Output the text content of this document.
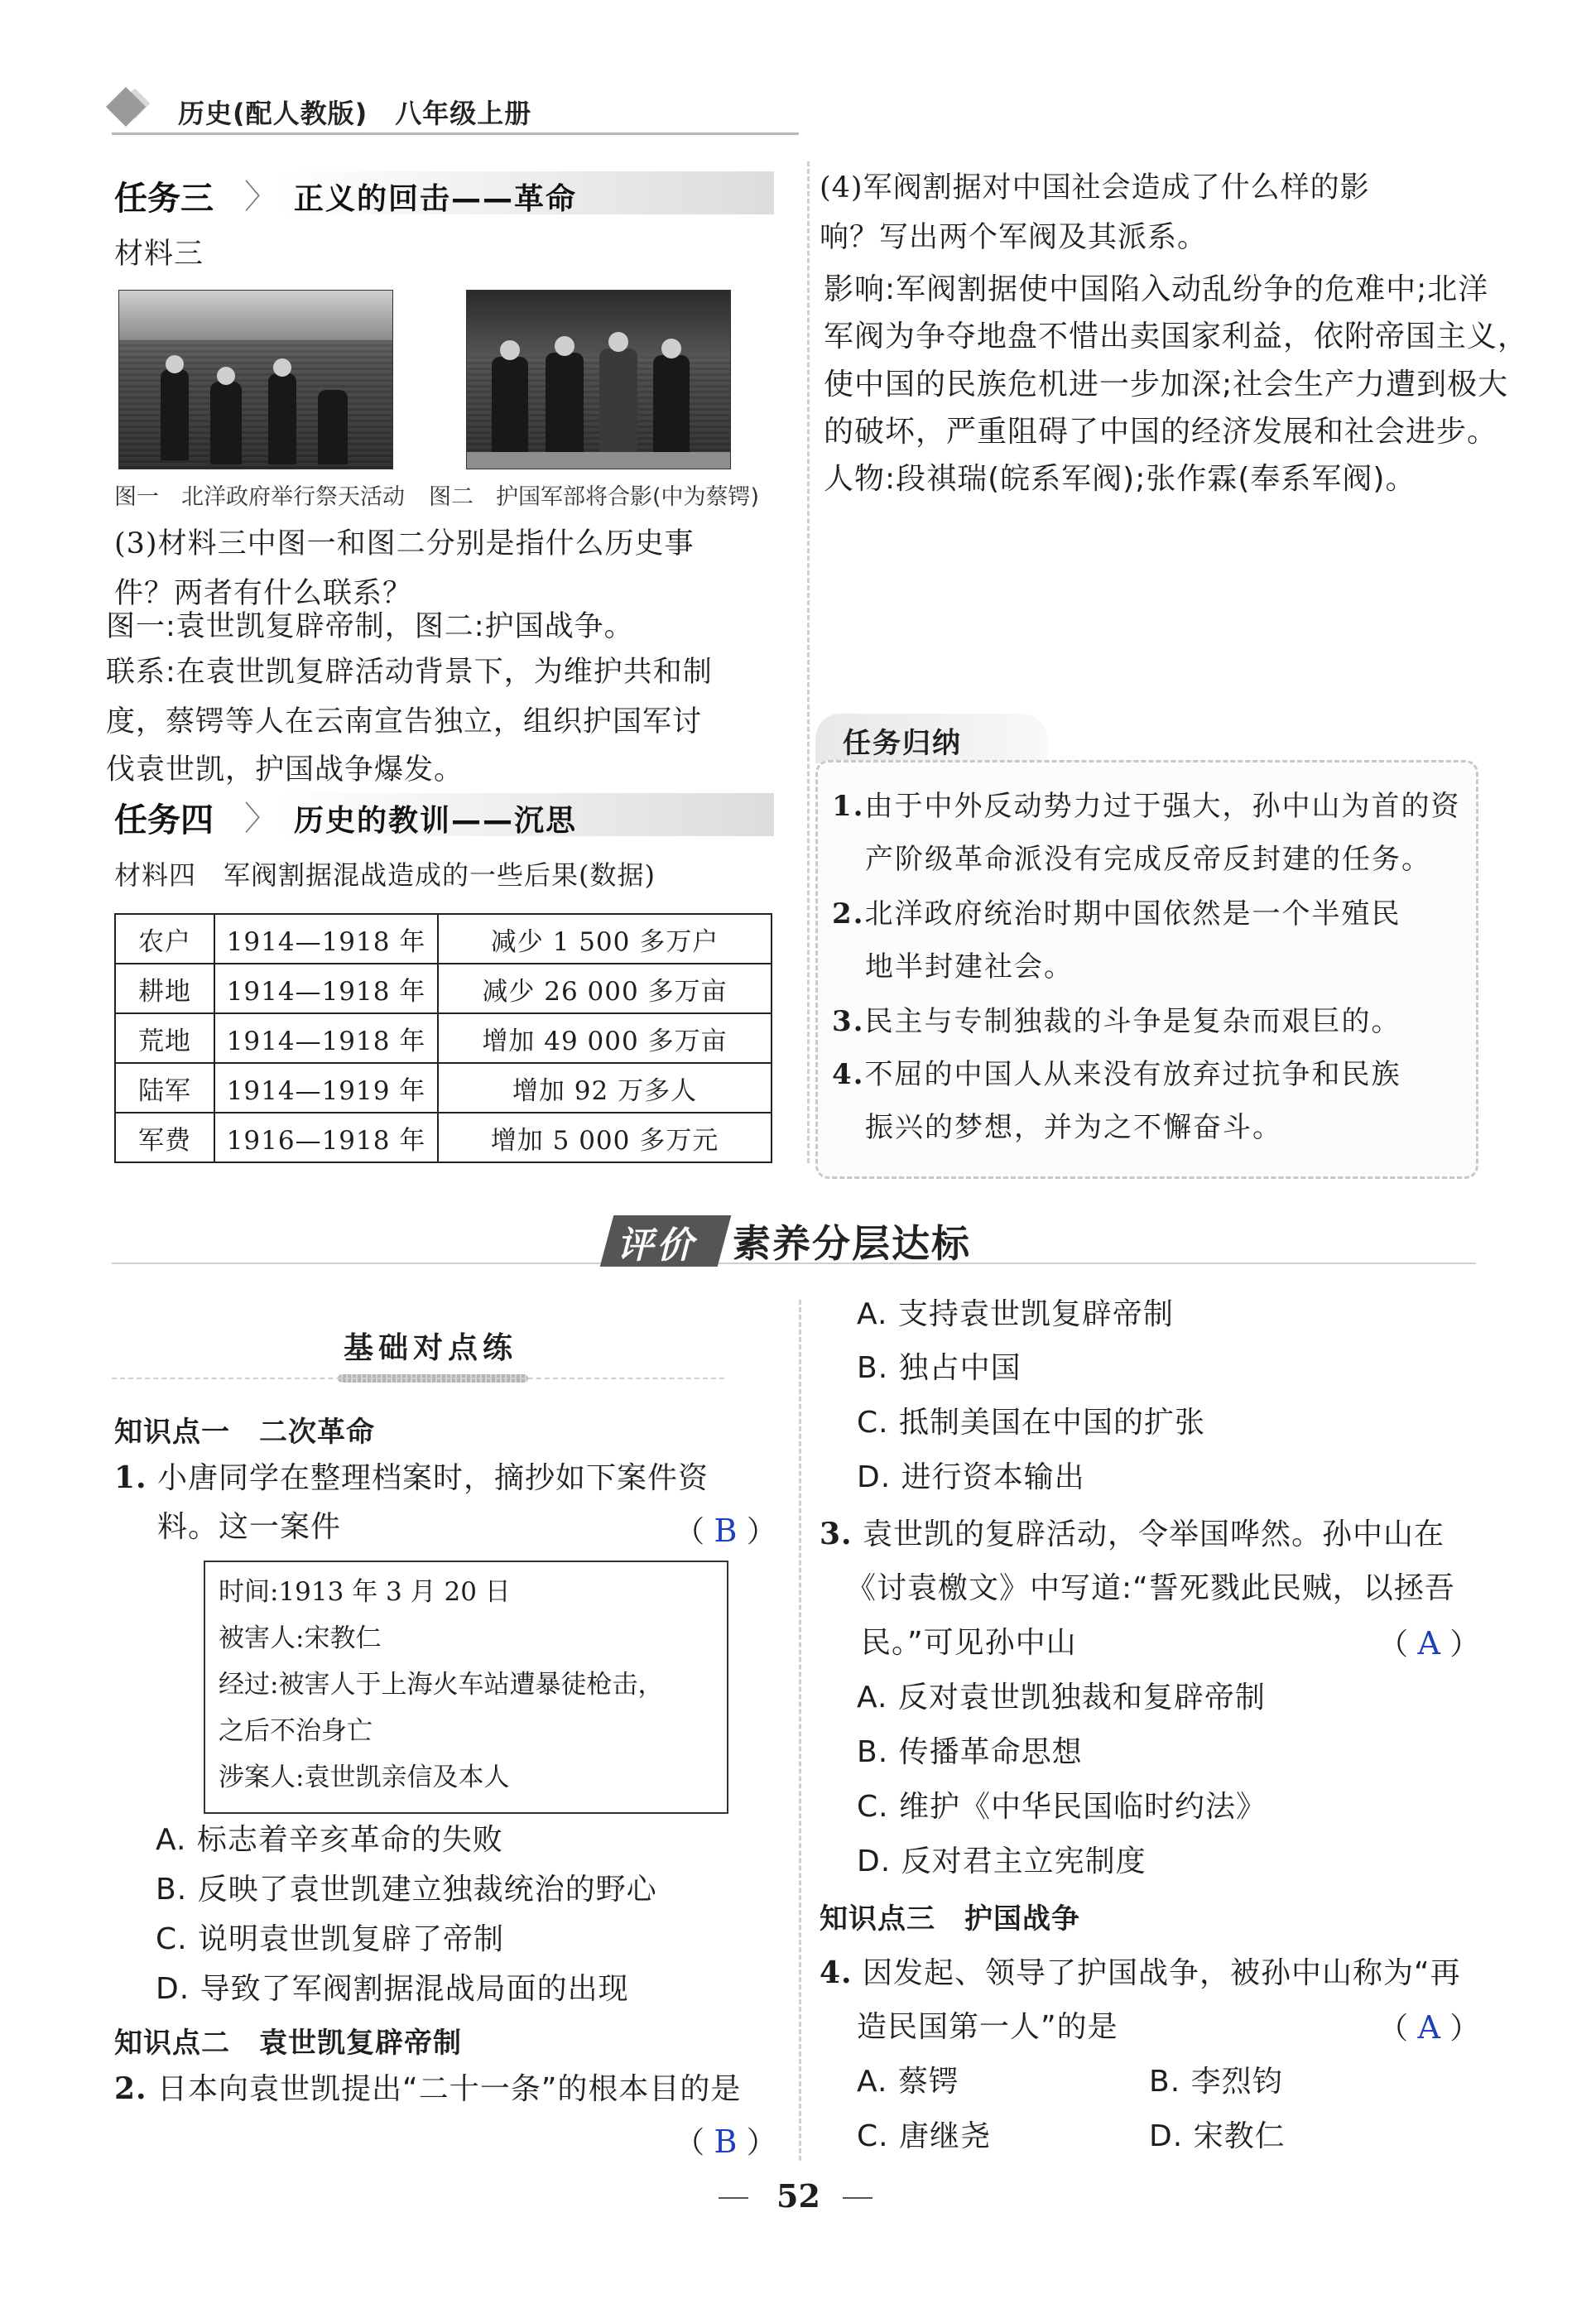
历史(配人教版)　八年级上册
任务三 〉 正义的回击——革命
材料三
图一　北洋政府举行祭天活动 图二　护国军部将合影(中为蔡锷)
(3)材料三中图一和图二分别是指什么历史事
件？两者有什么联系？
图一:袁世凯复辟帝制，图二:护国战争。
联系:在袁世凯复辟活动背景下，为维护共和制
度，蔡锷等人在云南宣告独立，组织护国军讨
伐袁世凯，护国战争爆发。
任务四 〉 历史的教训——沉思
材料四　军阀割据混战造成的一些后果(数据)
农户	1914—1918 年	减少 1 500 多万户
耕地	1914—1918 年	减少 26 000 多万亩
荒地	1914—1918 年	增加 49 000 多万亩
陆军	1914—1919 年	增加 92 万多人
军费	1916—1918 年	增加 5 000 多万元
(4)军阀割据对中国社会造成了什么样的影
响？写出两个军阀及其派系。
影响:军阀割据使中国陷入动乱纷争的危难中;北洋
军阀为争夺地盘不惜出卖国家利益，依附帝国主义，
使中国的民族危机进一步加深;社会生产力遭到极大
的破坏，严重阻碍了中国的经济发展和社会进步。
人物:段祺瑞(皖系军阀);张作霖(奉系军阀)。
任务归纳
1.由于中外反动势力过于强大，孙中山为首的资
产阶级革命派没有完成反帝反封建的任务。
2.北洋政府统治时期中国依然是一个半殖民
地半封建社会。
3.民主与专制独裁的斗争是复杂而艰巨的。
4.不屈的中国人从来没有放弃过抗争和民族
振兴的梦想，并为之不懈奋斗。
评价 素养分层达标
基础对点练
知识点一　二次革命
1. 小唐同学在整理档案时，摘抄如下案件资
料。这一案件	（ B ）
时间:1913 年 3 月 20 日
被害人:宋教仁
经过:被害人于上海火车站遭暴徒枪击，
之后不治身亡
涉案人:袁世凯亲信及本人
A. 标志着辛亥革命的失败
B. 反映了袁世凯建立独裁统治的野心
C. 说明袁世凯复辟了帝制
D. 导致了军阀割据混战局面的出现
知识点二　袁世凯复辟帝制
2. 日本向袁世凯提出“二十一条”的根本目的是
（ B ）
A. 支持袁世凯复辟帝制
B. 独占中国
C. 抵制美国在中国的扩张
D. 进行资本输出
3. 袁世凯的复辟活动，令举国哗然。孙中山在
《讨袁檄文》中写道:“誓死戮此民贼，以拯吾
民。”可见孙中山	（ A ）
A. 反对袁世凯独裁和复辟帝制
B. 传播革命思想
C. 维护《中华民国临时约法》
D. 反对君主立宪制度
知识点三　护国战争
4. 因发起、领导了护国战争，被孙中山称为“再
造民国第一人”的是	（ A ）
A. 蔡锷	B. 李烈钧
C. 唐继尧	D. 宋教仁
52
